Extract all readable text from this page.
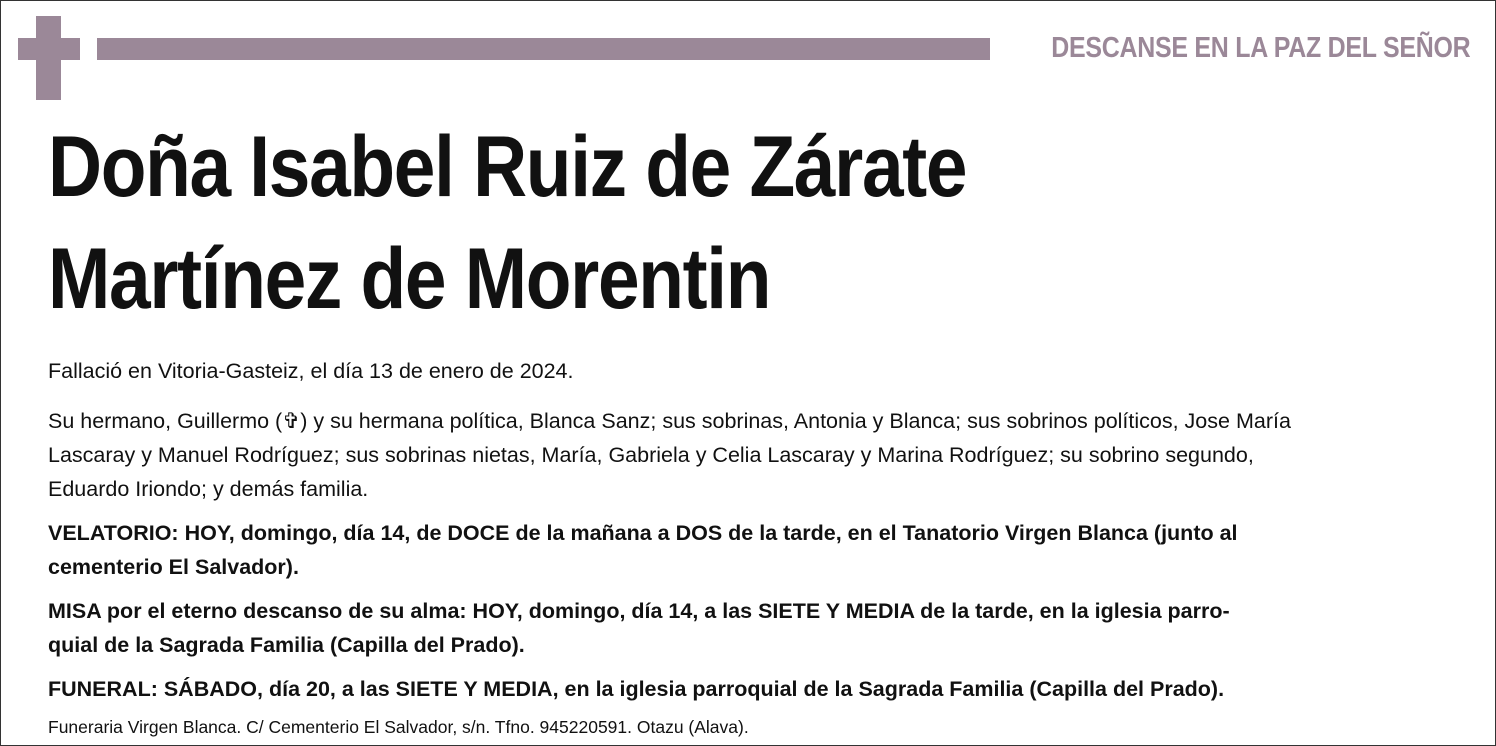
DESCANSE EN LA PAZ DEL SEÑOR
Doña Isabel Ruiz de Zárate
Martínez de Morentin
Fallació en Vitoria-Gasteiz, el día 13 de enero de 2024.
Su hermano, Guillermo (✞) y su hermana política, Blanca Sanz; sus sobrinas, Antonia y Blanca; sus sobrinos políticos, Jose María
Lascaray y Manuel Rodríguez; sus sobrinas nietas, María, Gabriela y Celia Lascaray y Marina Rodríguez; su sobrino segundo,
Eduardo Iriondo; y demás familia.
VELATORIO: HOY, domingo, día 14, de DOCE de la mañana a DOS de la tarde, en el Tanatorio Virgen Blanca (junto al
cementerio El Salvador).
MISA por el eterno descanso de su alma: HOY, domingo, día 14, a las SIETE Y MEDIA de la tarde, en la iglesia parro-
quial de la Sagrada Familia (Capilla del Prado).
FUNERAL: SÁBADO, día 20, a las SIETE Y MEDIA, en la iglesia parroquial de la Sagrada Familia (Capilla del Prado).
Funeraria Virgen Blanca. C/ Cementerio El Salvador, s/n. Tfno. 945220591. Otazu (Alava).
